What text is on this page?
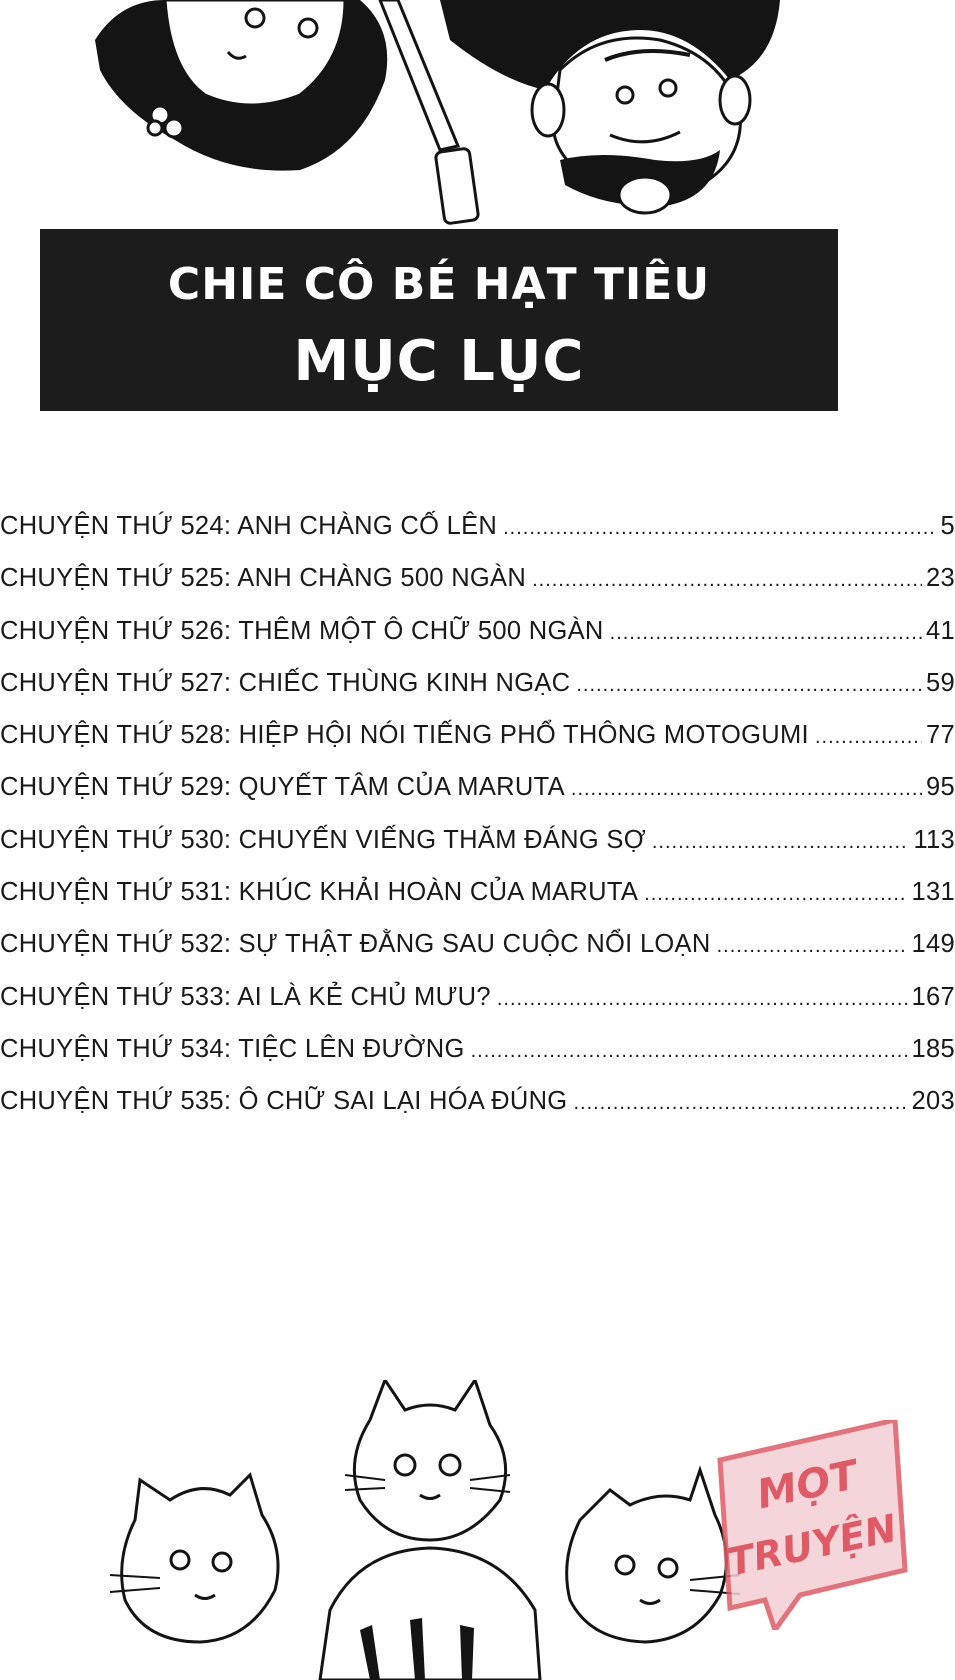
CHIE CÔ BÉ HẠT TIÊU
MỤC LỤC
CHUYỆN THỨ 524: ANH CHÀNG CỐ LÊN .....	5
CHUYỆN THỨ 525: ANH CHÀNG 500 NGÀN .....	23
CHUYỆN THỨ 526: THÊM MỘT Ô CHỮ 500 NGÀN .....	41
CHUYỆN THỨ 527: CHIẾC THÙNG KINH NGẠC .....	59
CHUYỆN THỨ 528: HIỆP HỘI NÓI TIẾNG PHỔ THÔNG MOTOGUMI .....	77
CHUYỆN THỨ 529: QUYẾT TÂM CỦA MARUTA .....	95
CHUYỆN THỨ 530: CHUYẾN VIẾNG THĂM ĐÁNG SỢ .....	113
CHUYỆN THỨ 531: KHÚC KHẢI HOÀN CỦA MARUTA .....	131
CHUYỆN THỨ 532: SỰ THẬT ĐẰNG SAU CUỘC NỔI LOẠN .....	149
CHUYỆN THỨ 533: AI LÀ KẺ CHỦ MƯU? .....	167
CHUYỆN THỨ 534: TIỆC LÊN ĐƯỜNG .....	185
CHUYỆN THỨ 535: Ô CHỮ SAI LẠI HÓA ĐÚNG .....	203
MỌT
TRUYỆN
